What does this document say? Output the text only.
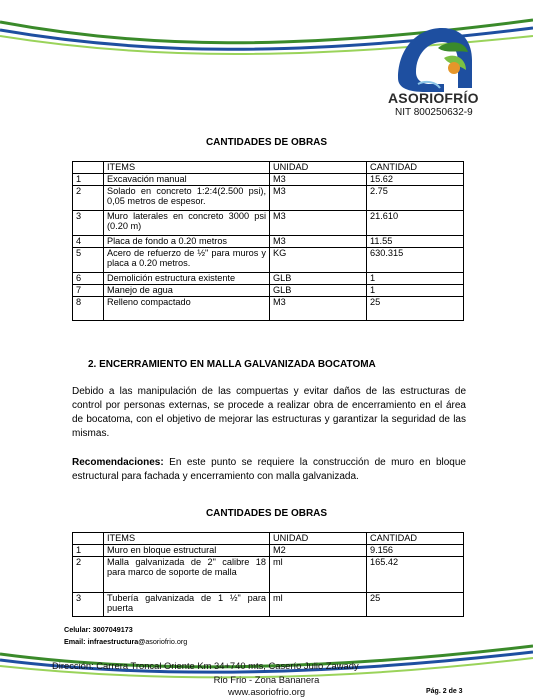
ASORIOFRÍO
NIT 800250632-9
CANTIDADES DE OBRAS
	ITEMS	UNIDAD	CANTIDAD
1	Excavación manual	M3	15.62
2	Solado en concreto 1:2:4(2.500 psi), 0,05 metros de espesor.	M3	2.75
3	Muro laterales en concreto 3000 psi (0.20 m)	M3	21.610
4	Placa de fondo a 0.20 metros	M3	11.55
5	Acero de refuerzo de ½" para muros y placa a 0.20 metros.	KG	630.315
6	Demolición estructura existente	GLB	1
7	Manejo de agua	GLB	1
8	Relleno compactado	M3	25
2. ENCERRAMIENTO EN MALLA GALVANIZADA BOCATOMA
Debido a las manipulación de las compuertas y evitar daños de las estructuras de control por personas externas, se procede a realizar obra de encerramiento en el área de bocatoma, con el objetivo de mejorar las estructuras y garantizar la seguridad de las mismas.
Recomendaciones: En este punto se requiere la construcción de muro en bloque estructural para fachada y encerramiento con malla galvanizada.
CANTIDADES DE OBRAS
	ITEMS	UNIDAD	CANTIDAD
1	Muro en bloque estructural	M2	9.156
2	Malla galvanizada de 2" calibre 18 para marco de soporte de malla	ml	165.42
3	Tubería galvanizada de 1 ½" para puerta	ml	25
Celular: 3007049173
Email: infraestructura@asoriofrio.org
Dirección: Carrera Troncal Oriente Km 34+740 mts, Caserío Julio Zawady
Rio Frio - Zona Bananera
www.asoriofrio.org	Pág. 2 de 3
